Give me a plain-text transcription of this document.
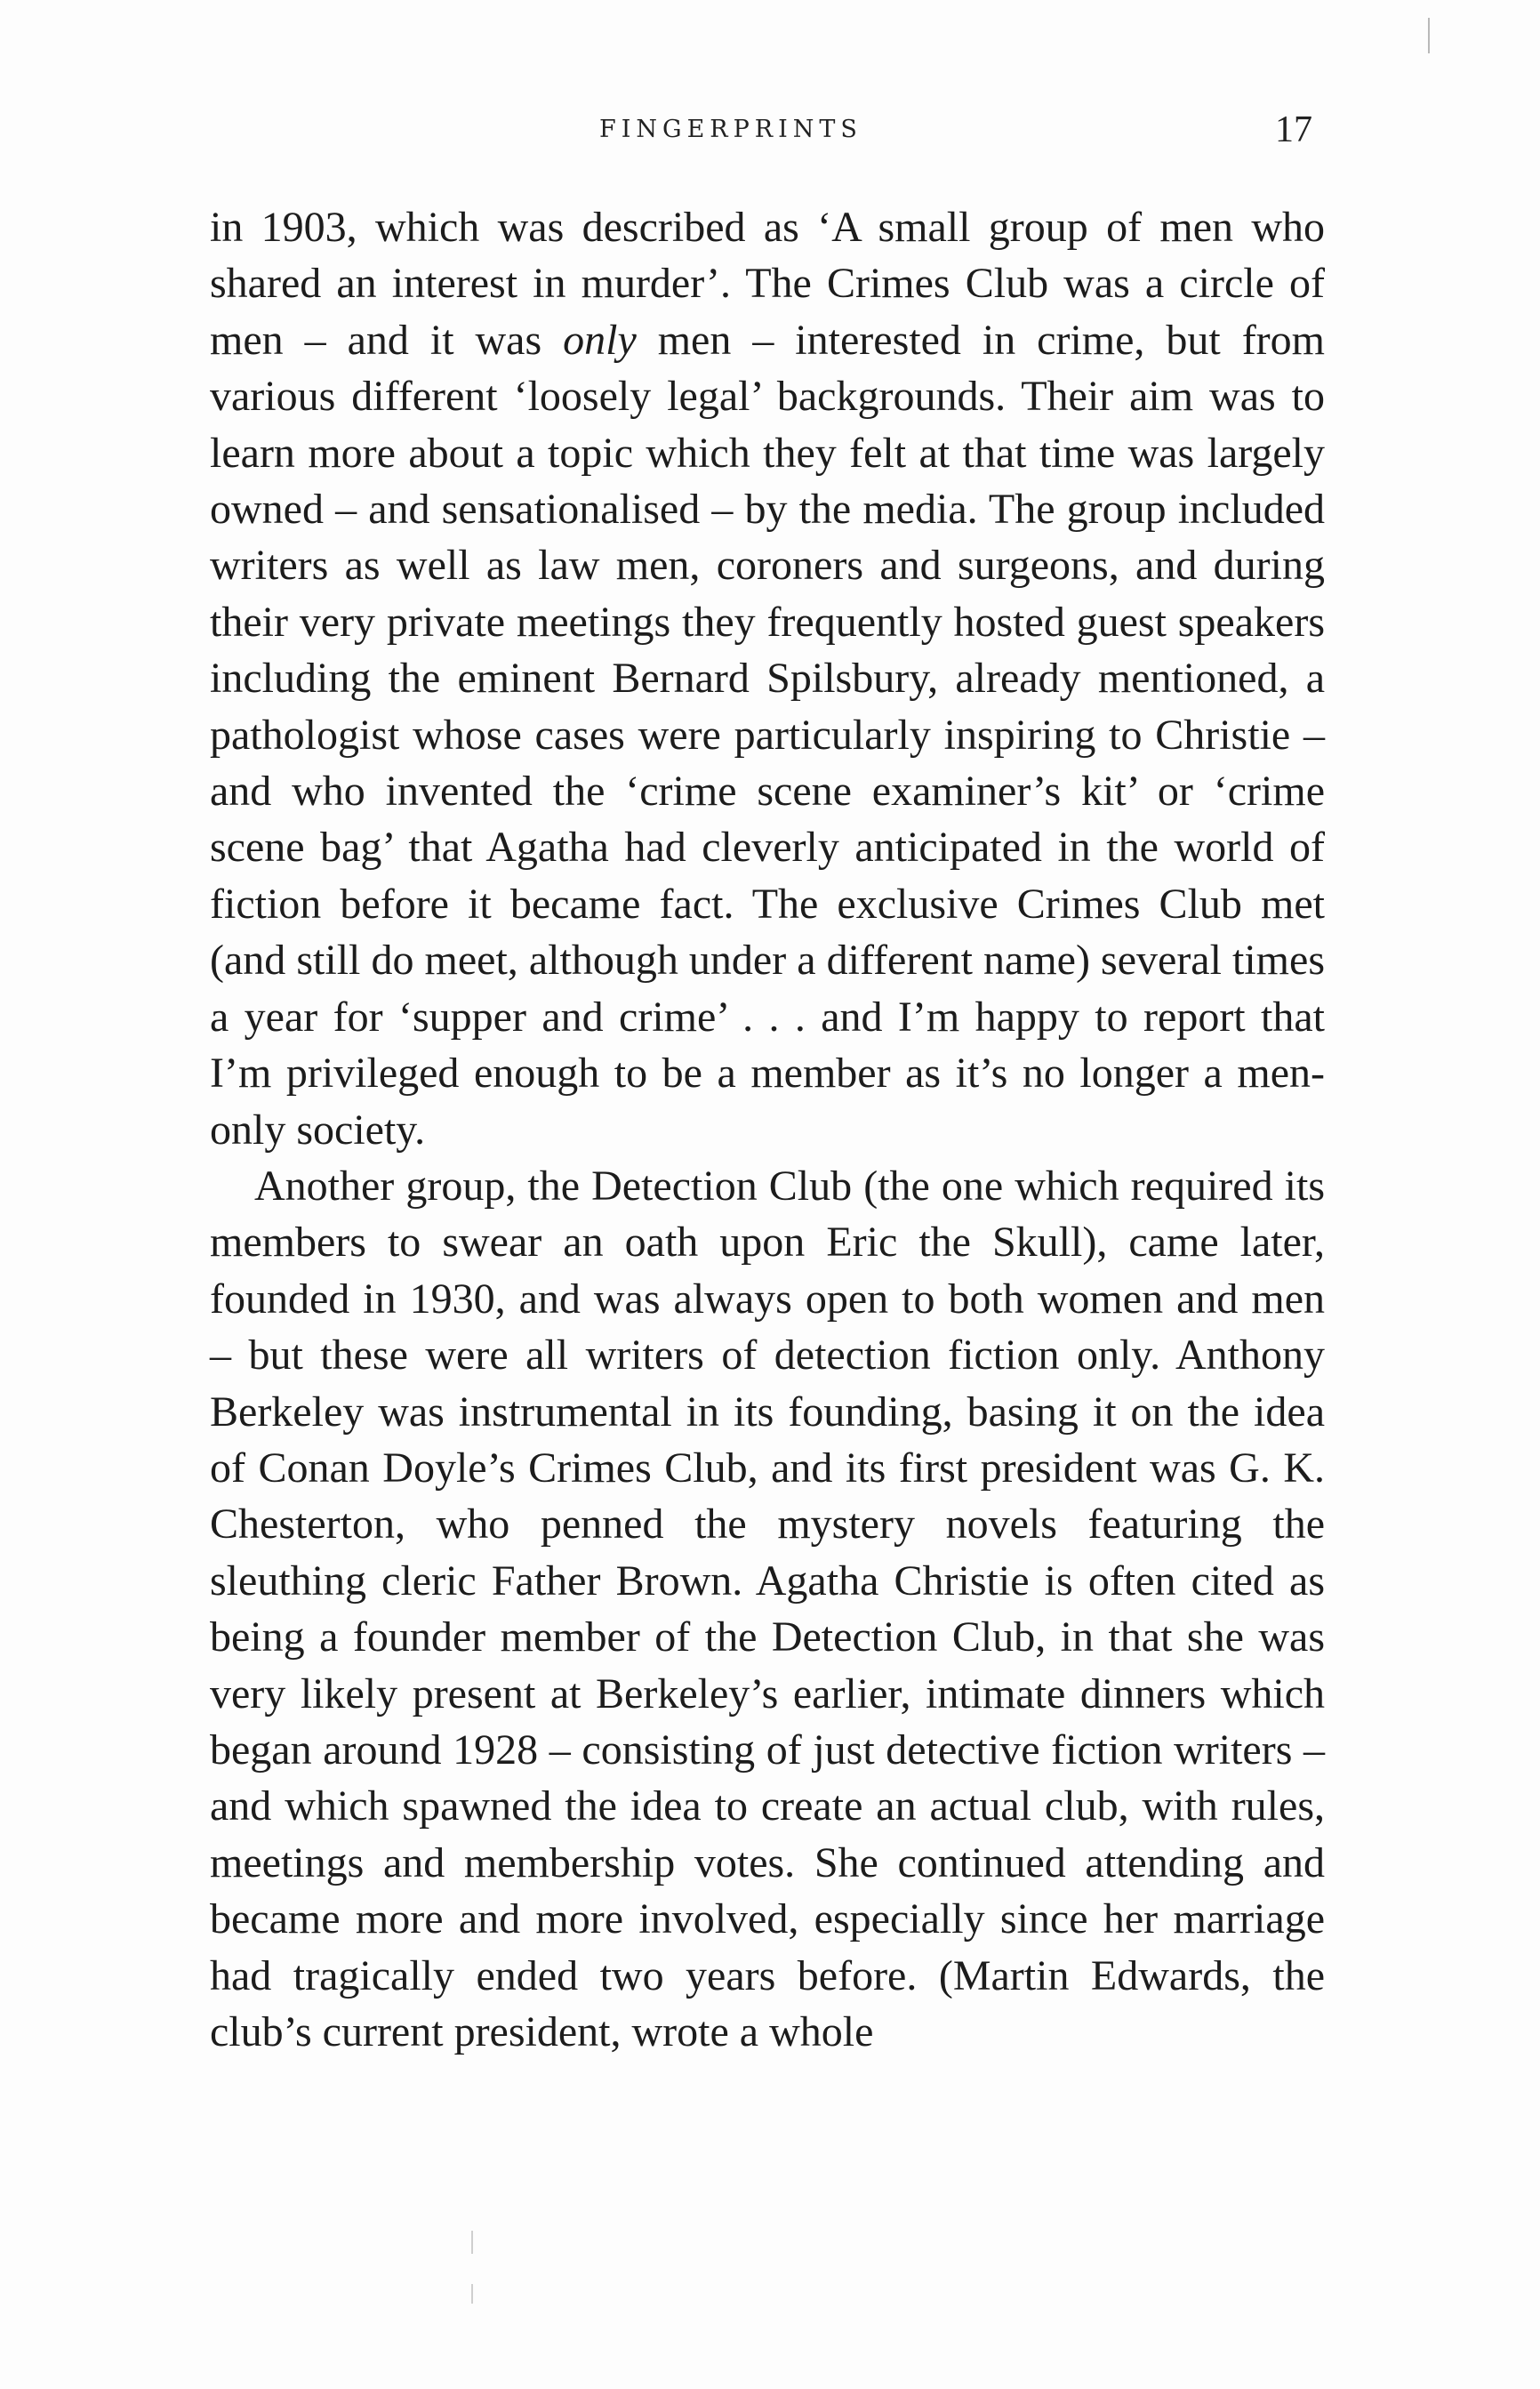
FINGERPRINTS	17

in 1903, which was described as ‘A small group of men who shared an interest in murder’. The Crimes Club was a circle of men – and it was only men – interested in crime, but from various different ‘loosely legal’ backgrounds. Their aim was to learn more about a topic which they felt at that time was largely owned – and sensationalised – by the media. The group included writers as well as law men, coroners and surgeons, and during their very private meetings they frequently hosted guest speakers including the eminent Bernard Spilsbury, already mentioned, a pathologist whose cases were particularly inspiring to Christie – and who invented the ‘crime scene examiner’s kit’ or ‘crime scene bag’ that Agatha had cleverly anticipated in the world of fiction before it became fact. The exclusive Crimes Club met (and still do meet, although under a different name) several times a year for ‘supper and crime’ . . . and I’m happy to report that I’m privileged enough to be a member as it’s no longer a men-only society.

Another group, the Detection Club (the one which required its members to swear an oath upon Eric the Skull), came later, founded in 1930, and was always open to both women and men – but these were all writers of detection fiction only. Anthony Berkeley was instrumental in its founding, basing it on the idea of Conan Doyle’s Crimes Club, and its first president was G. K. Chesterton, who penned the mystery novels featuring the sleuthing cleric Father Brown. Agatha Christie is often cited as being a founder member of the Detection Club, in that she was very likely present at Berkeley’s earlier, intimate dinners which began around 1928 – consisting of just detective fiction writers – and which spawned the idea to create an actual club, with rules, meetings and membership votes. She continued attending and became more and more involved, especially since her marriage had tragically ended two years before. (Martin Edwards, the club’s current president, wrote a whole
